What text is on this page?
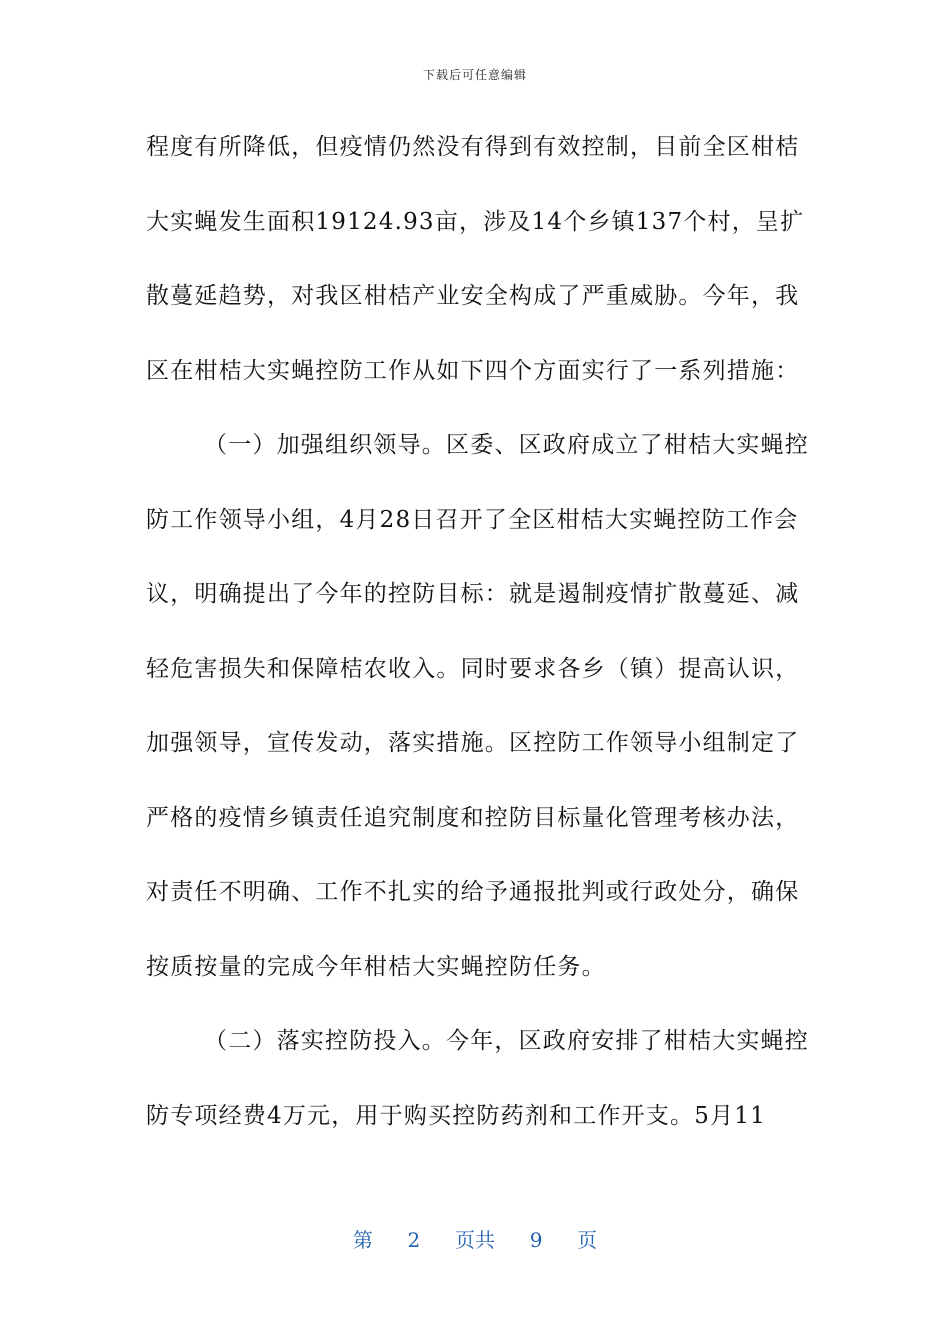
下载后可任意编辑
程度有所降低，但疫情仍然没有得到有效控制，目前全区柑桔
大实蝇发生面积19124.93亩，涉及14个乡镇137个村，呈扩
散蔓延趋势，对我区柑桔产业安全构成了严重威胁。今年，我
区在柑桔大实蝇控防工作从如下四个方面实行了一系列措施：
（一）加强组织领导。区委、区政府成立了柑桔大实蝇控
防工作领导小组，4月28日召开了全区柑桔大实蝇控防工作会
议，明确提出了今年的控防目标：就是遏制疫情扩散蔓延、减
轻危害损失和保障桔农收入。同时要求各乡（镇）提高认识，
加强领导，宣传发动，落实措施。区控防工作领导小组制定了
严格的疫情乡镇责任追究制度和控防目标量化管理考核办法，
对责任不明确、工作不扎实的给予通报批判或行政处分，确保
按质按量的完成今年柑桔大实蝇控防任务。
（二）落实控防投入。今年，区政府安排了柑桔大实蝇控
防专项经费4万元，用于购买控防药剂和工作开支。5月11
第 2 页共 9 页
